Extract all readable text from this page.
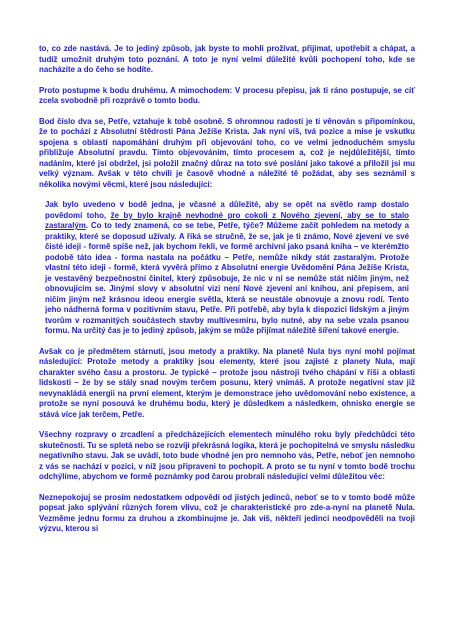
to, co zde nastává. Je to jediný způsob, jak byste to mohli prožívat, přijímat, upotřebit a chápat, a tudíž umožnit druhým toto poznání. A toto je nyní velmi důležité kvůli pochopení toho, kde se nacházíte a do čeho se hodíte.

Proto postupme k bodu druhému. A mimochodem: V procesu přepisu, jak ti ráno postupuje, se cíť zcela svobodně při rozprávě o tomto bodu.

Bod číslo dva se, Petře, vztahuje k tobě osobně. S ohromnou radostí je ti věnován s připomínkou, že to pochází z Absolutní štědrosti Pána Ježíše Krista. Jak nyní víš, tvá pozice a mise je vskutku spojena s oblastí napomáhání druhým při objevování toho, co ve velmi jednoduchém smyslu přibližuje Absolutní pravdu. Tímto objevováním, tímto procesem a, což je nejdůležitější, tímto nadáním, které jsi obdržel, jsi položil značný důraz na toto své poslání jako takové a přiložil jsi mu velký význam. Avšak v této chvíli je časově vhodné a náležité tě požádat, aby ses seznámil s několika novými věcmi, které jsou následující:

Jak bylo uvedeno v bodě jedna, je včasné a důležité, aby se opět na světlo ramp dostalo povědomí toho, že by bylo krajně nevhodné pro cokoli z Nového zjevení, aby se to stalo zastaralým. Co to tedy znamená, co se tebe, Petře, týče? Můžeme začít pohledem na metody a praktiky, které se doposud užívaly. A říká se stručně, že se, jak je ti známo, Nové zjevení ve své čisté ideji - formě spíše než, jak bychom řekli, ve formě archivní jako psaná kniha – ve kterémžto podobě táto idea - forma nastala na počátku – Petře, nemůže nikdy stát zastaralým. Protože vlastní této ideji - formě, která vyvěrá přímo z Absolutní energie Uvědomění Pána Ježíše Krista, je vestavěný bezpečnostní činitel, který způsobuje, že nic v ní se nemůže stát ničím jiným, než obnovujícím se. Jinými slovy v absolutní vizi není Nové zjevení ani knihou, ani přepisem, ani ničím jiným než krásnou ideou energie světla, která se neustále obnovuje a znovu rodí. Tento jeho nádherná forma v pozitivním stavu, Petře. Při potřebě, aby byla k dispozici lidským a jiným tvorům v rozmanitých součástech stavby multivesmíru, bylo nutné, aby na sebe vzala psanou formu. Na určitý čas je to jediný způsob, jakým se může přijímat náležitě šíření takové energie.

Avšak co je předmětem stárnutí, jsou metody a praktiky. Na planetě Nula bys nyní mohl pojímat následující: Protože metody a praktiky jsou elementy, které jsou zajisté z planety Nula, mají charakter svého času a prostoru. Je typické – protože jsou nástroji tvého chápání v říši a oblasti lidskosti – že by se stály snad novým terčem posunu, který vnímáš. A protože negativní stav již nevynakládá energii na první element, kterým je demonstrace jeho uvědomování nebo existence, a protože se nyní posouvá ke druhému bodu, který je důsledkem a následkem, ohnisko energie se stává více jak terčem, Petře.

Všechny rozpravy o zrcadlení a předcházejících elementech minulého roku byly předchůdci této skutečnosti. Tu se spletá nebo se rozvíjí překrásná logika, která je pochopitelná ve smyslu následku negativního stavu. Jak se uvádí, toto bude vhodné jen pro nemnoho vás, Petře, neboť jen nemnoho z vás se nachází v pozici, v níž jsou připraveni to pochopit. A proto se tu nyní v tomto bodě trochu odchýlíme, abychom ve formě poznámky pod čarou probrali následující velmi důležitou věc:

Neznepokojuj se prosím nedostatkem odpovědí od jistých jedinců, neboť se to v tomto bodě může popsat jako splývání různých forem vlivu, což je charakteristické pro zde-a-nyní na planetě Nula. Vezměme jednu formu za druhou a zkombinujme je. Jak víš, někteří jedinci neodpověděli na tvoji výzvu, kterou si
